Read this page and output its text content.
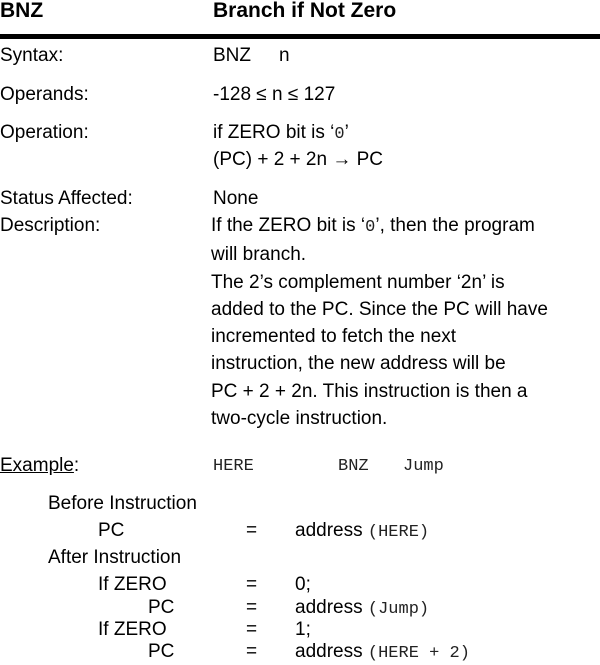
BNZ	Branch if Not Zero
Syntax:	BNZ n
Operands:	-128 ≤ n ≤ 127
Operation:	if ZERO bit is ‘0’
(PC) + 2 + 2n → PC
Status Affected:	None
Description:	If the ZERO bit is ‘0’, then the program
will branch.
The 2’s complement number ‘2n’ is
added to the PC. Since the PC will have
incremented to fetch the next
instruction, the new address will be
PC + 2 + 2n. This instruction is then a
two-cycle instruction.
Example:	HERE	BNZ Jump
Before Instruction
PC	= address (HERE)
After Instruction
If ZERO	= 0;
PC	= address (Jump)
If ZERO	= 1;
PC	= address (HERE + 2)
